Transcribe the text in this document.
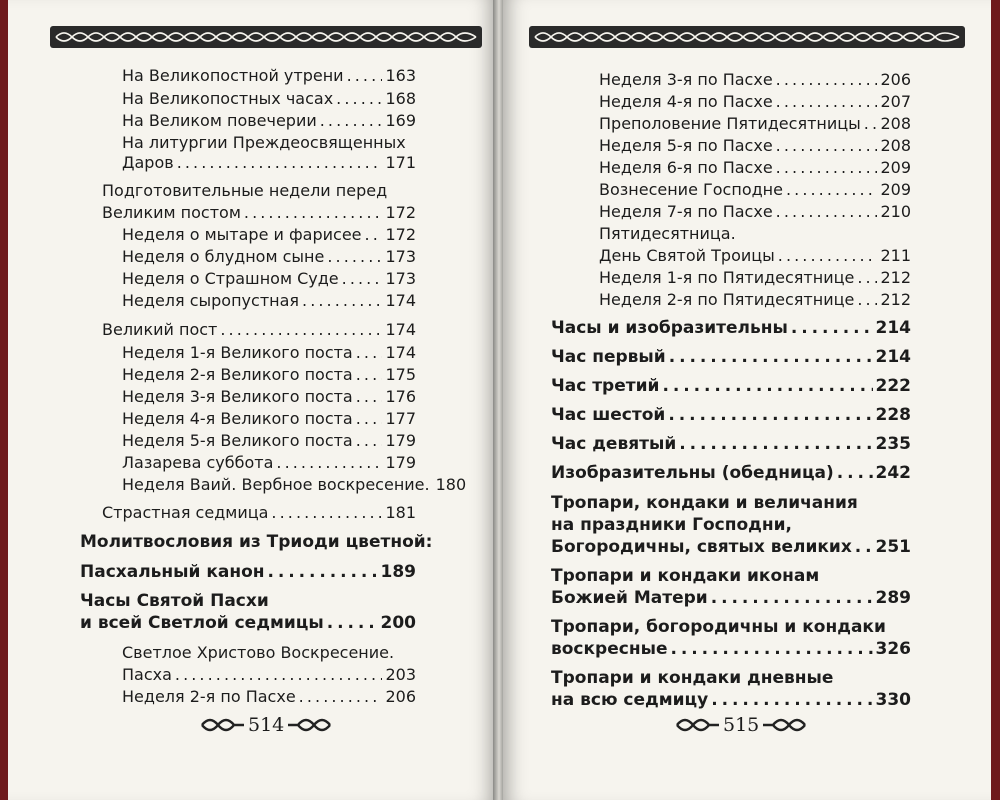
На Великопостной утрени . . .	163
На Великопостных часах . . .	168
На Великом повечерии . . .	169
На литургии Преждеосвященных
Даров . . .	171
Подготовительные недели перед
Великим постом . . .	172
Неделя о мытаре и фарисее . . . 172
Неделя о блудном сыне . . .	173
Неделя о Страшном Суде . . .	173
Неделя сыропустная . . .	174
Великий пост . . .	174
Неделя 1-я Великого поста . . . 174
Неделя 2-я Великого поста . . . 175
Неделя 3-я Великого поста . . . 176
Неделя 4-я Великого поста . . . 177
Неделя 5-я Великого поста . . . 179
Лазарева суббота . . .	179
Неделя Ваий. Вербное воскресение. 180
Страстная седмица . . .	181
Молитвословия из Триоди цветной:
Пасхальный канон . . .	189
Часы Святой Пасхи
и всей Светлой седмицы . . .	200
Светлое Христово Воскресение.
Пасха . . .	203
Неделя 2-я по Пасхе . . .	206
514
Неделя 3-я по Пасхе . . .	206
Неделя 4-я по Пасхе . . .	207
Преполовение Пятидесятницы . . . 208
Неделя 5-я по Пасхе . . .	208
Неделя 6-я по Пасхе . . .	209
Вознесение Господне . . .	209
Неделя 7-я по Пасхе . . .	210
Пятидесятница.
День Святой Троицы . . .	211
Неделя 1-я по Пятидесятнице . . . 212
Неделя 2-я по Пятидесятнице . . . 212
Часы и изобразительны . . .	214
Час первый . . .	214
Час третий . . .	222
Час шестой . . .	228
Час девятый . . .	235
Изобразительны (обедница) . . . 242
Тропари, кондаки и величания
на праздники Господни,
Богородичны, святых великих . . . 251
Тропари и кондаки иконам
Божией Матери . . .	289
Тропари, богородичны и кондаки
воскресные . . .	326
Тропари и кондаки дневные
на всю седмицу . . .	330
515
